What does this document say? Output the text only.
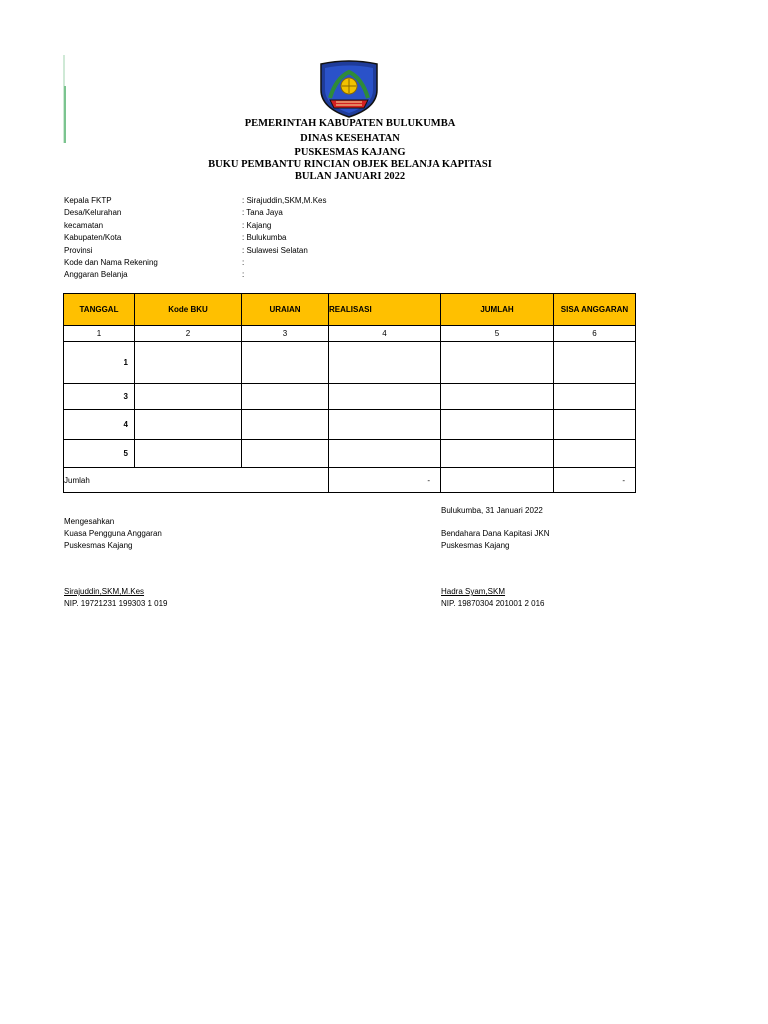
PEMERINTAH KABUPATEN BULUKUMBA
DINAS KESEHATAN
PUSKESMAS KAJANG
BUKU PEMBANTU RINCIAN OBJEK BELANJA KAPITASI
BULAN JANUARI 2022
Kepala FKTP	: Sirajuddin,SKM,M.Kes
Desa/Kelurahan	: Tana Jaya
kecamatan	: Kajang
Kabupaten/Kota	: Bulukumba
Provinsi	: Sulawesi Selatan
Kode dan Nama Rekening	:
Anggaran Belanja	:
TANGGAL	Kode BKU	URAIAN	REALISASI	JUMLAH	SISA ANGGARAN
1	2	3	4	5	6
1					
3					
4					
5					
Jumlah			-		-
Bulukumba, 31 Januari 2022
Mengesahkan
Kuasa Pengguna Anggaran
Puskesmas Kajang
Bendahara Dana Kapitasi JKN
Puskesmas Kajang
Sirajuddin,SKM,M.Kes
NIP. 19721231 199303 1 019
Hadra Syam,SKM
NIP. 19870304 201001 2 016
